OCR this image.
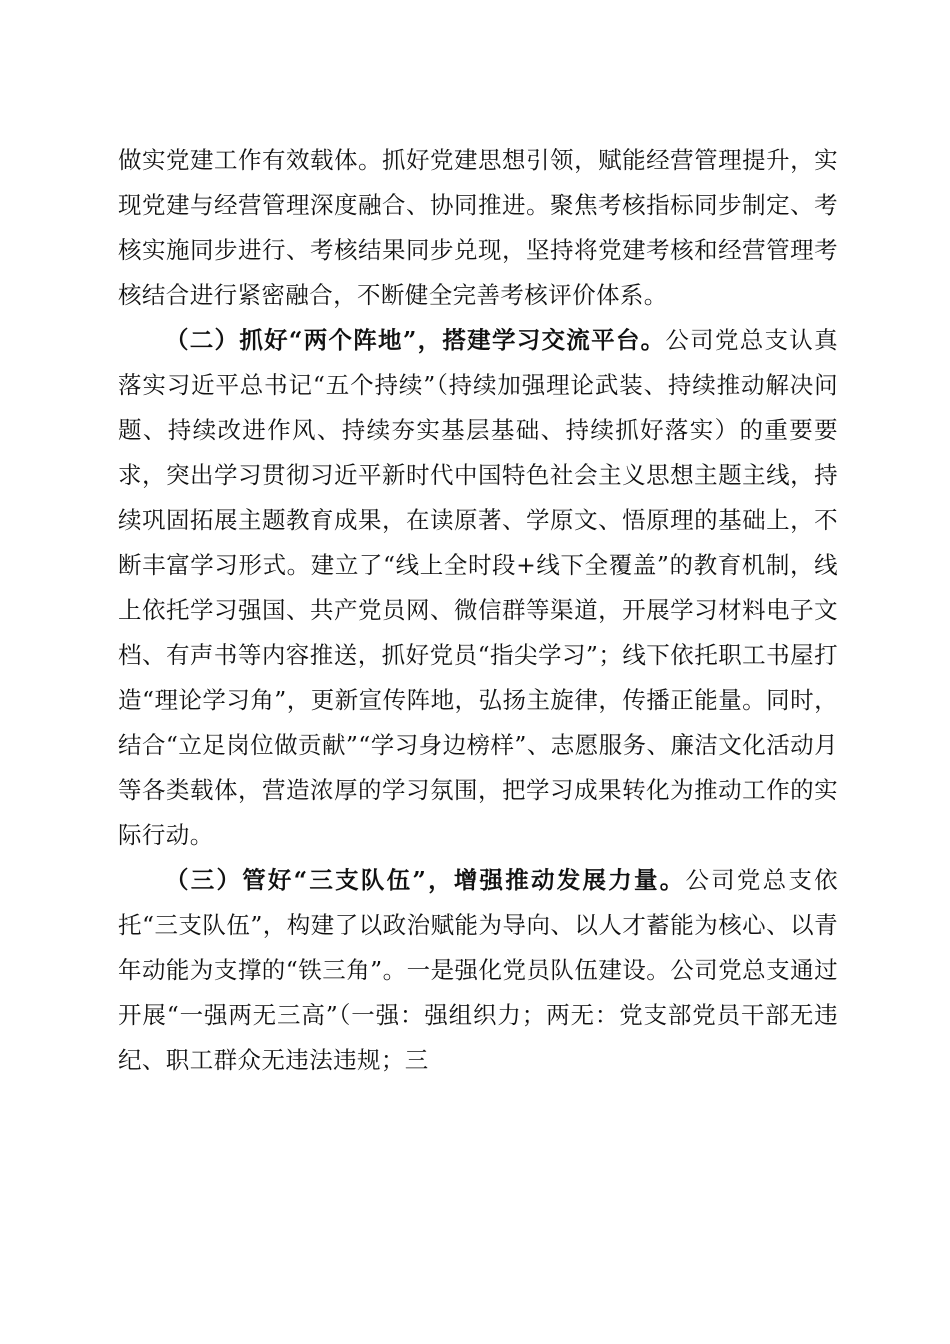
做实党建工作有效载体。抓好党建思想引领，赋能经营管理提升，实现党建与经营管理深度融合、协同推进。聚焦考核指标同步制定、考核实施同步进行、考核结果同步兑现，坚持将党建考核和经营管理考核结合进行紧密融合，不断健全完善考核评价体系。

（二）抓好“两个阵地”，搭建学习交流平台。公司党总支认真落实习近平总书记“五个持续”（持续加强理论武装、持续推动解决问题、持续改进作风、持续夯实基层基础、持续抓好落实）的重要要求，突出学习贯彻习近平新时代中国特色社会主义思想主题主线，持续巩固拓展主题教育成果，在读原著、学原文、悟原理的基础上，不断丰富学习形式。建立了“线上全时段+线下全覆盖”的教育机制，线上依托学习强国、共产党员网、微信群等渠道，开展学习材料电子文档、有声书等内容推送，抓好党员“指尖学习”；线下依托职工书屋打造“理论学习角”，更新宣传阵地，弘扬主旋律，传播正能量。同时，结合“立足岗位做贡献”“学习身边榜样”、志愿服务、廉洁文化活动月等各类载体，营造浓厚的学习氛围，把学习成果转化为推动工作的实际行动。

（三）管好“三支队伍”，增强推动发展力量。公司党总支依托“三支队伍”，构建了以政治赋能为导向、以人才蓄能为核心、以青年动能为支撑的“铁三角”。一是强化党员队伍建设。公司党总支通过开展“一强两无三高”（一强：强组织力；两无：党支部党员干部无违纪、职工群众无违法违规；三
